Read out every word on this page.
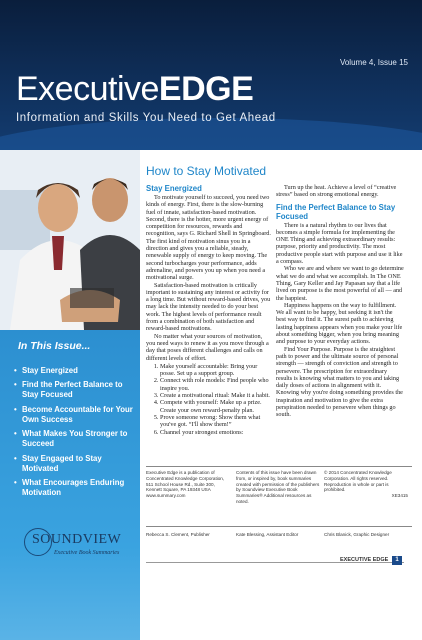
Volume 4, Issue 15
ExecutiveEDGE
Information and Skills You Need to Get Ahead
In This Issue...
• Stay Energized
• Find the Perfect Balance to Stay Focused
• Become Accountable for Your Own Success
• What Makes You Stronger to Succeed
• Stay Engaged to Stay Motivated
• What Encourages Enduring Motivation
SOUNDVIEW
Executive Book Summaries
How to Stay Motivated
Stay Energized

To motivate yourself to succeed, you need two kinds of energy. First, there is the slow-burning fuel of innate, satisfaction-based motivation. Second, there is the hotter, more urgent energy of competition for resources, rewards and recognition, says G. Richard Shell in Springboard. The first kind of motivation sinus you in a direction and gives you a reliable, steady, renewable supply of energy to keep moving. The second turbocharges your performance, adds adrenaline, and powers you up when you need a motivational surge.

Satisfaction-based motivation is critically important to sustaining any interest or activity for a long time. But without reward-based drives, you may lack the intensity needed to do your best work. The highest levels of performance result from a combination of both satisfaction and reward-based motivations.

No matter what your sources of motivation, you need ways to renew it as you move through a day that poses different challenges and calls on different levels of effort.

1. Make yourself accountable: Bring your posse. Set up a support group.
2. Connect with role models: Find people who inspire you.
3. Create a motivational ritual: Make it a habit.
4. Compete with yourself: Make up a prize. Create your own reward-penalty plan.
5. Prove someone wrong: Show them what you've got. “I'll show them!”
6. Channel your strongest emotions:

Turn up the heat. Achieve a level of “creative stress” based on strong emotional energy.

Find the Perfect Balance to Stay Focused

There is a natural rhythm to our lives that becomes a simple formula for implementing the ONE Thing and achieving extraordinary results: purpose, priority and productivity. The most productive people start with purpose and use it like a compass.

Who we are and where we want to go determine what we do and what we accomplish. In The ONE Thing, Gary Keller and Jay Papasan say that a life lived on purpose is the most powerful of all — and the happiest.

Happiness happens on the way to fulfillment. We all want to be happy, but seeking it isn't the best way to find it. The surest path to achieving lasting happiness appears when you make your life about something bigger, when you bring meaning and purpose to your everyday actions.

Find Your Purpose. Purpose is the straightest path to power and the ultimate source of personal strength — strength of conviction and strength to persevere. The prescription for extraordinary results is knowing what matters to you and taking daily doses of actions in alignment with it. Knowing why you're doing something provides the inspiration and motivation to give the extra perspiration needed to persevere when things go south.

Executive Edge is a publication of Concentrated Knowledge Corporation, 511 School House Rd., Suite 300, Kennett Square, PA 19348 USA www.summary.com
Contents of this issue have been drawn from, or inspired by, book summaries created with permission of the publishers by Soundview Executive Book Summaries® Additional resources as noted.
© 2014 Concentrated Knowledge Corporation. All rights reserved. Reproduction in whole or part is prohibited.

XE3415
Rebecca S. Clement, Publisher	Kate Blessing, Assistant Editor	Chris Blanick, Graphic Designer
EXECUTIVE EDGE	1
